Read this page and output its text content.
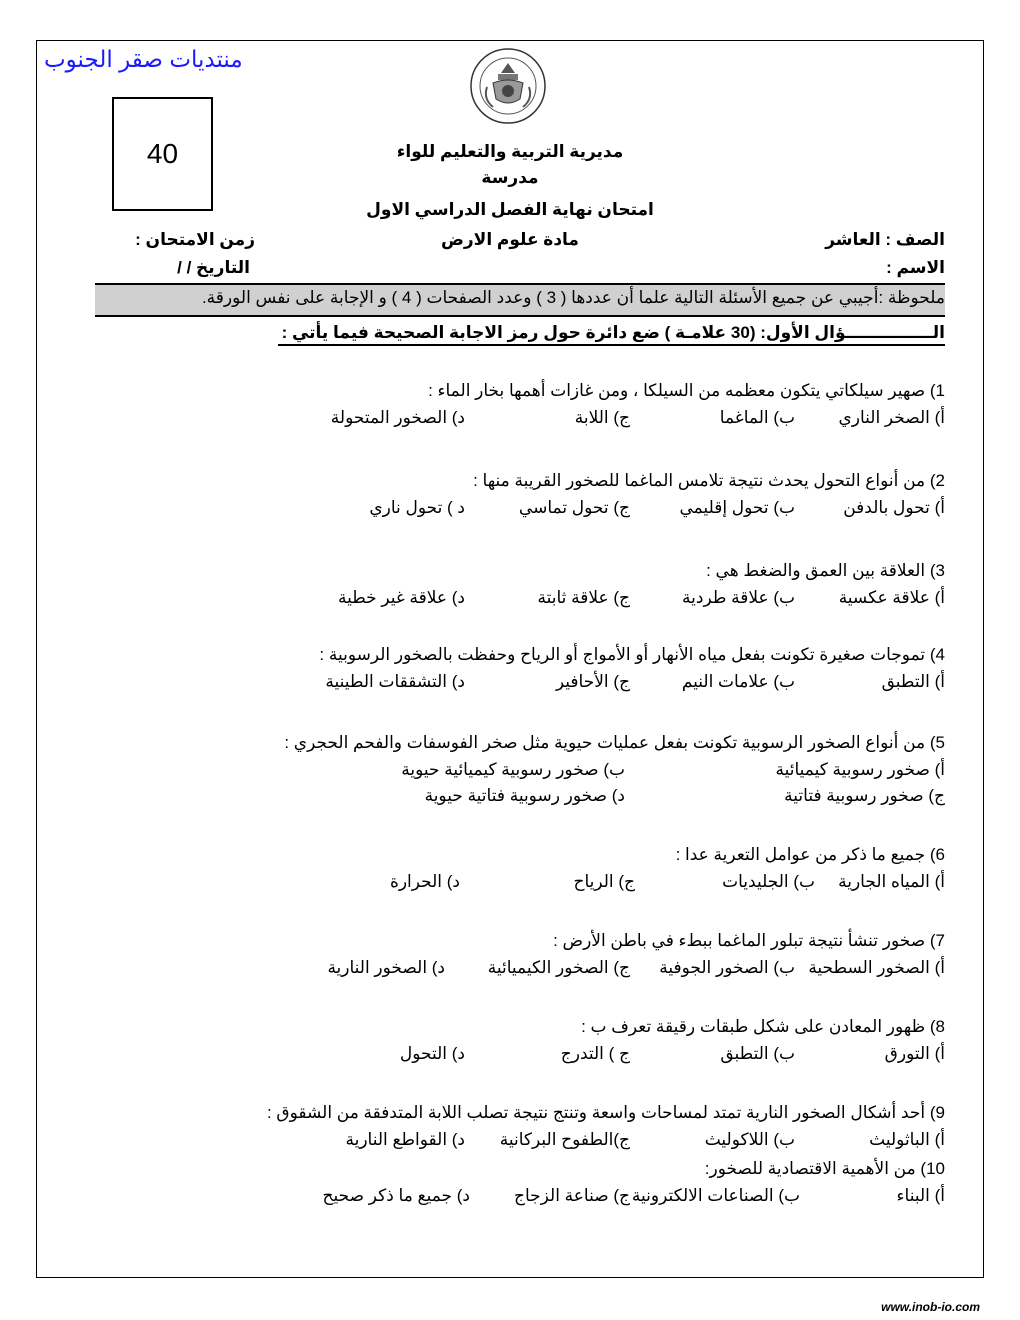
منتديات صقر الجنوب
40	مديرية التربية والتعليم للواء
مدرسة
امتحان نهاية الفصل الدراسي الاول
الصف : العاشر
مادة علوم الارض
زمن الامتحان :
الاسم :
التاريخ / /
ملحوظة :أجيبي عن جميع الأسئلة التالية علما أن عددها ( 3 ) وعدد الصفحات ( 4 ) و الإجابة على نفس الورقة.
الـــــــــــــــؤال الأول: (30 علامـة ) ضع دائرة حول رمز الاجابة الصحيحة فيما يأتي :
1) صهير سيلكاتي يتكون معظمه من السيلكا ، ومن غازات أهمها بخار الماء :
أ) الصخر الناري
ب) الماغما
ج) اللابة
د) الصخور المتحولة
2) من أنواع التحول يحدث نتيجة تلامس الماغما للصخور القريبة منها :
أ) تحول بالدفن
ب) تحول إقليمي
ج) تحول تماسي
د ) تحول ناري
3) العلاقة بين العمق والضغط هي :
أ) علاقة عكسية
ب) علاقة طردية
ج) علاقة ثابتة
د) علاقة غير خطية
4) تموجات صغيرة تكونت بفعل مياه الأنهار أو الأمواج أو الرياح وحفظت بالصخور الرسوبية :
أ) التطبق
ب) علامات النيم
ج) الأحافير
د) التشققات الطينية
5) من أنواع الصخور الرسوبية تكونت بفعل عمليات حيوية مثل صخر الفوسفات والفحم الحجري :
أ) صخور رسوبية كيميائية
ب) صخور رسوبية كيميائية حيوية
ج) صخور رسوبية فتاتية
د) صخور رسوبية فتاتية حيوية
6) جميع ما ذكر من عوامل التعرية عدا :
أ) المياه الجارية
ب) الجليديات
ج) الرياح
د) الحرارة
7) صخور تنشأ نتيجة تبلور الماغما ببطء في باطن الأرض :
أ) الصخور السطحية
ب) الصخور الجوفية
ج) الصخور الكيميائية
د) الصخور النارية
8) ظهور المعادن على شكل طبقات رقيقة تعرف ب :
أ) التورق
ب) التطبق
ج ) التدرج
د) التحول
9) أحد أشكال الصخور النارية تمتد لمساحات واسعة وتنتج نتيجة تصلب اللابة المتدفقة من الشقوق :
أ) الباثوليث
ب) اللاكوليث
ج)الطفوح البركانية
د) القواطع النارية
10) من الأهمية الاقتصادية للصخور:
أ) البناء
ب) الصناعات الالكترونية
ج) صناعة الزجاج
د) جميع ما ذكر صحيح
www.inob-io.com
